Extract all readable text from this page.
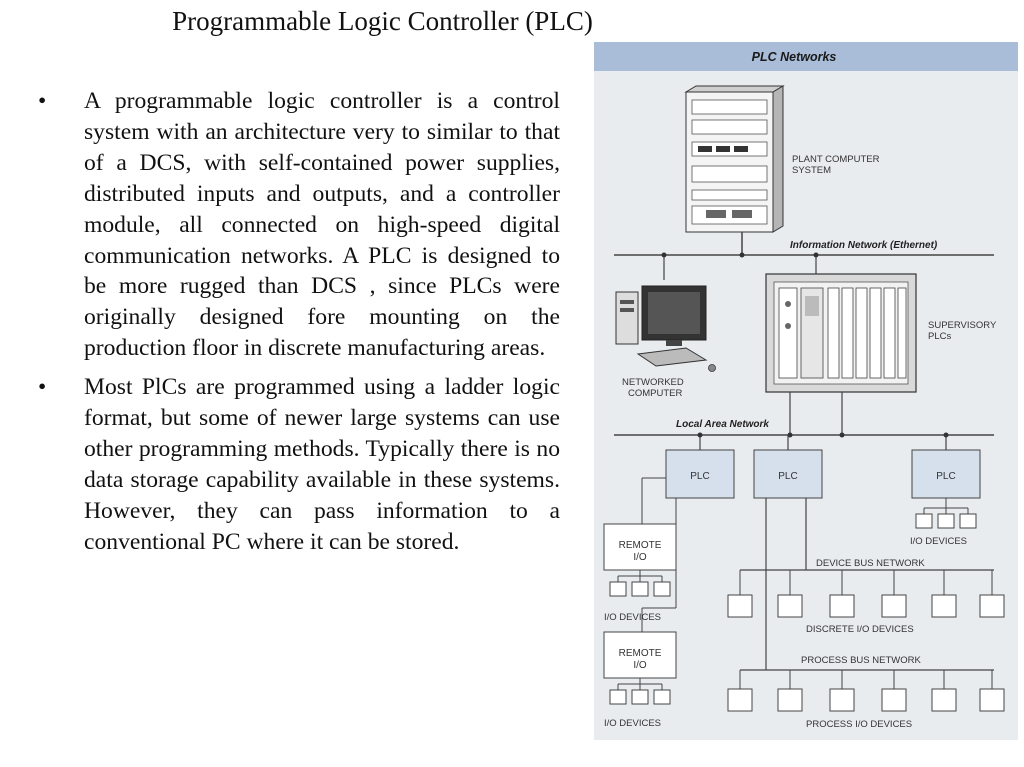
Programmable Logic Controller (PLC)
• A programmable logic controller is a control system with an architecture very to similar to that of a DCS, with self-contained power supplies, distributed inputs and outputs, and a controller module, all connected on high-speed digital communication networks. A PLC is designed to be more rugged than DCS , since PLCs were originally designed fore mounting on the production floor in discrete manufacturing areas.
• Most PlCs are programmed using a ladder logic format, but some of newer large systems can use other programming methods. Typically there is no data storage capability available in these systems. However, they can pass information to a conventional PC where it can be stored.
PLC Networks
PLANT COMPUTER
SYSTEM
Information Network (Ethernet)
NETWORKED
COMPUTER
SUPERVISORY
PLCs
Local Area Network
PLC	PLC	PLC
I/O DEVICES
REMOTE
I/O
I/O DEVICES
REMOTE
I/O
I/O DEVICES
DEVICE BUS NETWORK
DISCRETE I/O DEVICES
PROCESS BUS NETWORK
PROCESS I/O DEVICES
